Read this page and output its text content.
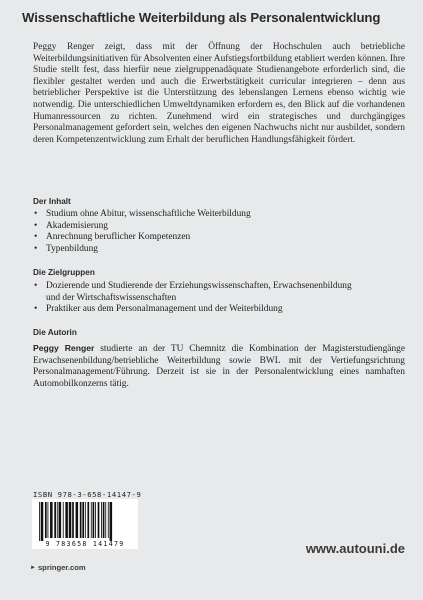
Wissenschaftliche Weiterbildung als Personalentwicklung

Peggy Renger zeigt, dass mit der Öffnung der Hochschulen auch betriebliche Weiterbildungsinitiativen für Absolventen einer Aufstiegsfortbildung etabliert werden können. Ihre Studie stellt fest, dass hierfür neue zielgruppenadäquate Studienangebote erforderlich sind, die flexibler gestaltet werden und auch die Erwerbstätigkeit curricular integrieren – denn aus betrieblicher Perspektive ist die Unterstützung des lebenslangen Lernens ebenso wichtig wie notwendig. Die unterschiedlichen Umweltdynamiken erfordern es, den Blick auf die vorhandenen Humanressourcen zu richten. Zunehmend wird ein strategisches und durchgängiges Personalmanagement gefordert sein, welches den eigenen Nachwuchs nicht nur ausbildet, sondern deren Kompetenzentwicklung zum Erhalt der beruflichen Handlungsfähigkeit fördert.

Der Inhalt
• Studium ohne Abitur, wissenschaftliche Weiterbildung
• Akademisierung
• Anrechnung beruflicher Kompetenzen
• Typenbildung
Die Zielgruppen
• Dozierende und Studierende der Erziehungswissenschaften, Erwachsenenbildung und der Wirtschaftswissenschaften
• Praktiker aus dem Personalmanagement und der Weiterbildung
Die Autorin

Peggy Renger studierte an der TU Chemnitz die Kombination der Magisterstudiengänge Erwachsenenbildung/betriebliche Weiterbildung sowie BWL mit der Vertiefungsrichtung Personalmanagement/Führung. Derzeit ist sie in der Personalentwicklung eines namhaften Automobilkonzerns tätig.

ISBN 978-3-658-14147-9
9 783658 141479	www.autouni.de
► springer.com
